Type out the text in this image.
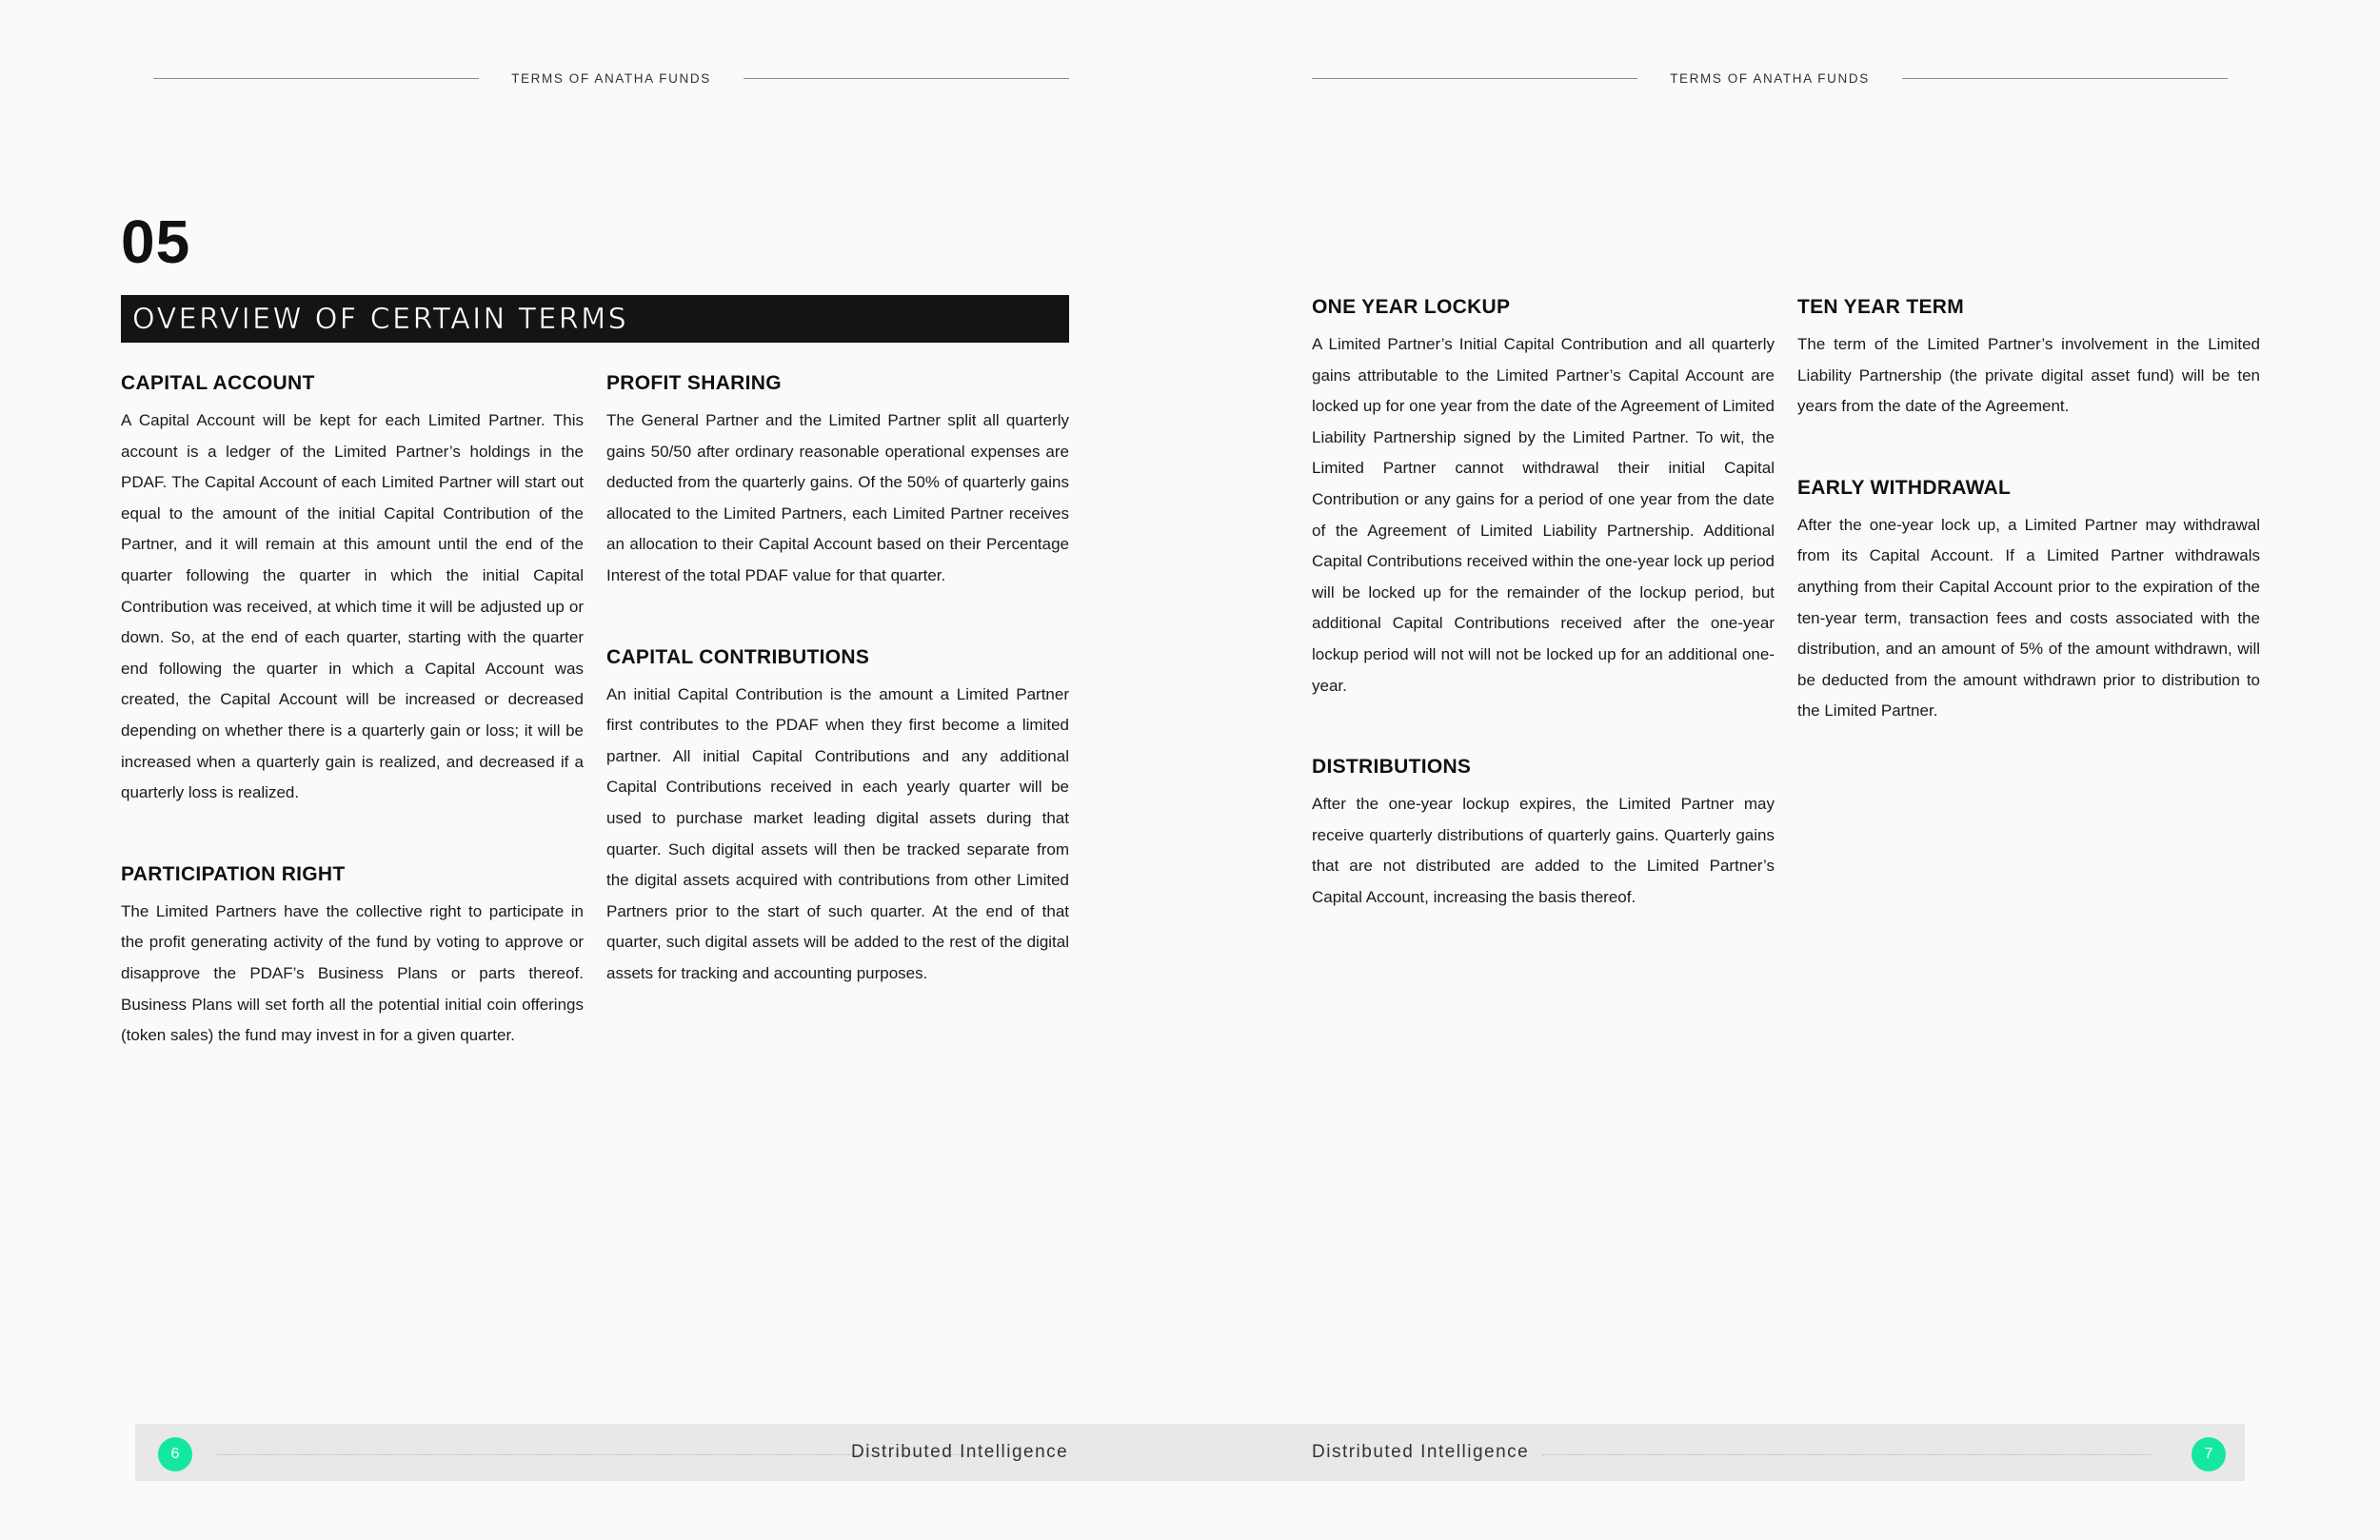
TERMS OF ANATHA FUNDS	TERMS OF ANATHA FUNDS
05
OVERVIEW OF CERTAIN TERMS
CAPITAL ACCOUNT

A Capital Account will be kept for each Limited Partner. This account is a ledger of the Limited Partner’s holdings in the PDAF. The Capital Account of each Limited Partner will start out equal to the amount of the initial Capital Contribution of the Partner, and it will remain at this amount until the end of the quarter following the quarter in which the initial Capital Contribution was received, at which time it will be adjusted up or down. So, at the end of each quarter, starting with the quarter end following the quarter in which a Capital Account was created, the Capital Account will be increased or decreased depending on whether there is a quarterly gain or loss; it will be increased when a quarterly gain is realized, and decreased if a quarterly loss is realized.

PARTICIPATION RIGHT

The Limited Partners have the collective right to participate in the profit generating activity of the fund by voting to approve or disapprove the PDAF’s Business Plans or parts thereof. Business Plans will set forth all the potential initial coin offerings (token sales) the fund may invest in for a given quarter.

PROFIT SHARING

The General Partner and the Limited Partner split all quarterly gains 50/50 after ordinary reasonable operational expenses are deducted from the quarterly gains. Of the 50% of quarterly gains allocated to the Limited Partners, each Limited Partner receives an allocation to their Capital Account based on their Percentage Interest of the total PDAF value for that quarter.

CAPITAL CONTRIBUTIONS

An initial Capital Contribution is the amount a Limited Partner first contributes to the PDAF when they first become a limited partner. All initial Capital Contributions and any additional Capital Contributions received in each yearly quarter will be used to purchase market leading digital assets during that quarter. Such digital assets will then be tracked separate from the digital assets acquired with contributions from other Limited Partners prior to the start of such quarter. At the end of that quarter, such digital assets will be added to the rest of the digital assets for tracking and accounting purposes.

ONE YEAR LOCKUP

A Limited Partner’s Initial Capital Contribution and all quarterly gains attributable to the Limited Partner’s Capital Account are locked up for one year from the date of the Agreement of Limited Liability Partnership signed by the Limited Partner. To wit, the Limited Partner cannot withdrawal their initial Capital Contribution or any gains for a period of one year from the date of the Agreement of Limited Liability Partnership. Additional Capital Contributions received within the one-year lock up period will be locked up for the remainder of the lockup period, but additional Capital Contributions received after the one-year lockup period will not will not be locked up for an additional one-year.

DISTRIBUTIONS

After the one-year lockup expires, the Limited Partner may receive quarterly distributions of quarterly gains. Quarterly gains that are not distributed are added to the Limited Partner’s Capital Account, increasing the basis thereof.

TEN YEAR TERM

The term of the Limited Partner’s involvement in the Limited Liability Partnership (the private digital asset fund) will be ten years from the date of the Agreement.

EARLY WITHDRAWAL

After the one-year lock up, a Limited Partner may withdrawal from its Capital Account. If a Limited Partner withdrawals anything from their Capital Account prior to the expiration of the ten-year term, transaction fees and costs associated with the distribution, and an amount of 5% of the amount withdrawn, will be deducted from the amount withdrawn prior to distribution to the Limited Partner.

6	Distributed Intelligence	Distributed Intelligence	7
